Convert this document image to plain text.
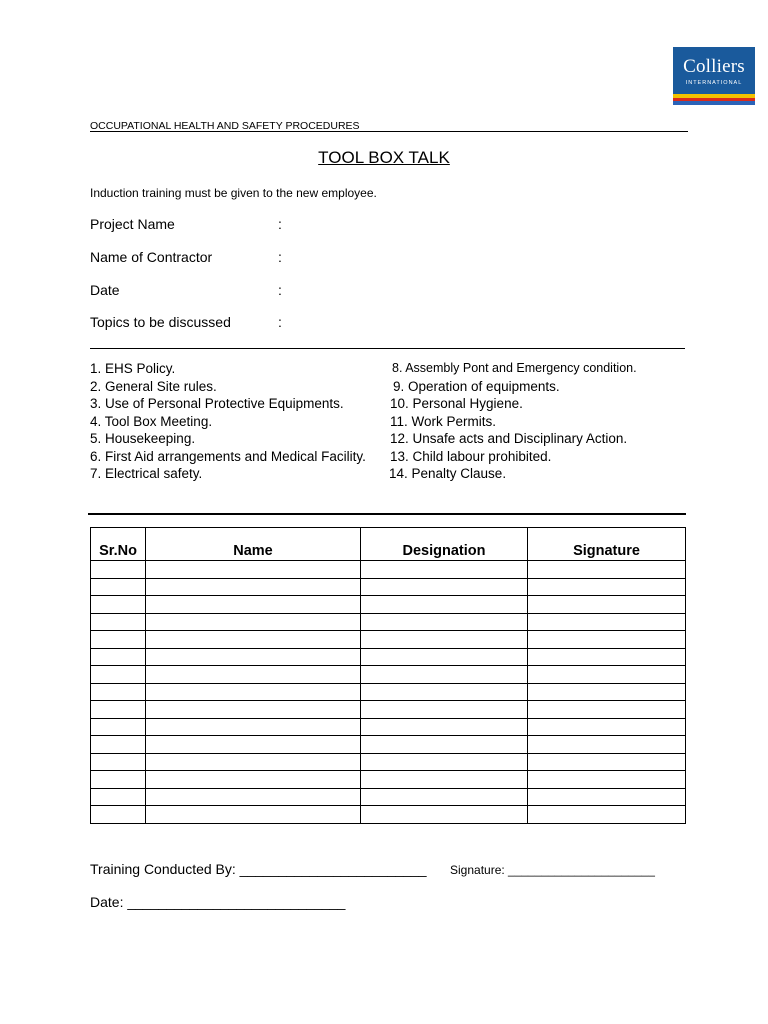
Colliers
INTERNATIONAL
OCCUPATIONAL HEALTH AND SAFETY PROCEDURES
TOOL BOX TALK
Induction training must be given to the new employee.
Project Name	:
Name of Contractor	:
Date	:
Topics to be discussed	:
1. EHS Policy.
2. General Site rules.
3. Use of Personal Protective Equipments.
4. Tool Box Meeting.
5. Housekeeping.
6. First Aid arrangements and Medical Facility.
7. Electrical safety.
8. Assembly Pont and Emergency condition.
9. Operation of equipments.
10. Personal Hygiene.
11. Work Permits.
12. Unsafe acts and Disciplinary Action.
13. Child labour prohibited.
14. Penalty Clause.
Sr.No	Name	Designation	Signature

Training Conducted By: ________________________ Signature: ______________________
Date: ____________________________
